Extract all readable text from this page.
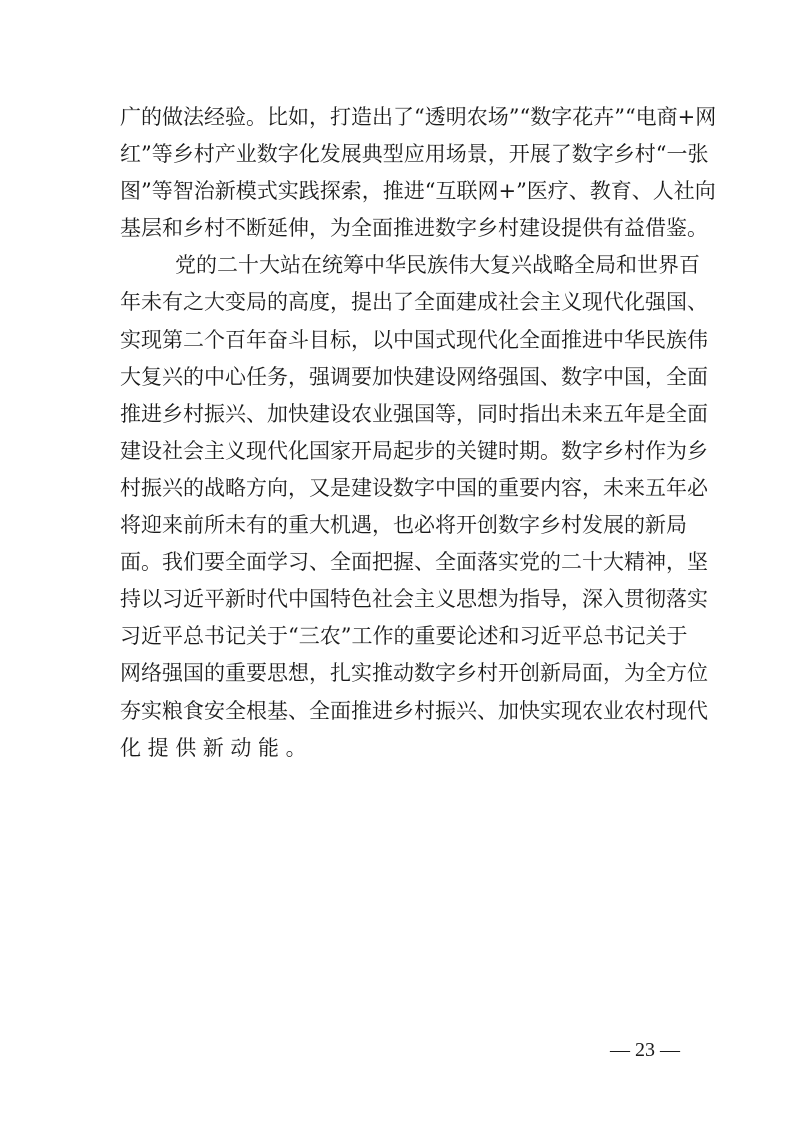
广的做法经验。比如，打造出了“透明农场”“数字花卉”“电商+网
红”等乡村产业数字化发展典型应用场景，开展了数字乡村“一张
图”等智治新模式实践探索，推进“互联网+”医疗、教育、人社向
基层和乡村不断延伸，为全面推进数字乡村建设提供有益借鉴。
党的二十大站在统筹中华民族伟大复兴战略全局和世界百
年未有之大变局的高度，提出了全面建成社会主义现代化强国、
实现第二个百年奋斗目标，以中国式现代化全面推进中华民族伟
大复兴的中心任务，强调要加快建设网络强国、数字中国，全面
推进乡村振兴、加快建设农业强国等，同时指出未来五年是全面
建设社会主义现代化国家开局起步的关键时期。数字乡村作为乡
村振兴的战略方向，又是建设数字中国的重要内容，未来五年必
将迎来前所未有的重大机遇，也必将开创数字乡村发展的新局
面。我们要全面学习、全面把握、全面落实党的二十大精神，坚
持以习近平新时代中国特色社会主义思想为指导，深入贯彻落实
习近平总书记关于“三农”工作的重要论述和习近平总书记关于
网络强国的重要思想，扎实推动数字乡村开创新局面，为全方位
夯实粮食安全根基、全面推进乡村振兴、加快实现农业农村现代
化提供新动能。
— 23 —
